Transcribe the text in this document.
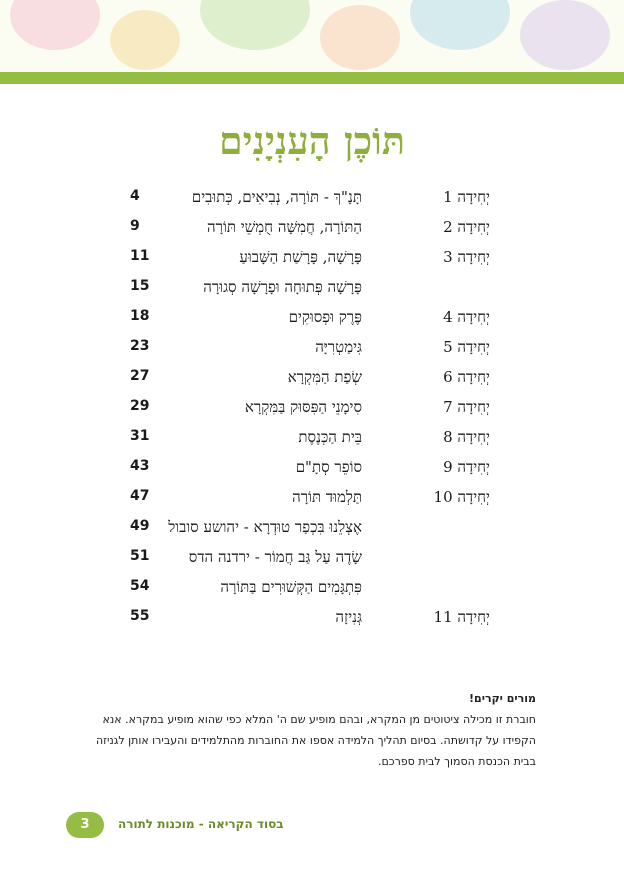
תּוֹכֶן הָעִנְיָנִים
יְחִידָה 1
תָּנָ"ךְ - תּוֹרָה, נְבִיאִים, כְּתוּבִים
4
יְחִידָה 2
הַתּוֹרָה, חֲמִשָּׁה חֻמְשֵׁי תּוֹרָה
9
יְחִידָה 3
פָּרָשָׁה, פָּרָשַׁת הַשָּׁבוּעַ
11
פָּרָשָׁה פְּתוּחָה וּפָרָשָׁה סְגוּרָה
15
יְחִידָה 4
פֶּרֶק וּפְסוּקִים
18
יְחִידָה 5
גִּימַטְרִיָּה
23
יְחִידָה 6
שְׂפַת הַמִּקְרָא
27
יְחִידָה 7
סִימָנֵי הַפִּסּוּק בַּמִּקְרָא
29
יְחִידָה 8
בֵּית הַכְּנֶסֶת
31
יְחִידָה 9
סוֹפֵר סְתָ"ם
43
יְחִידָה 10
תַּלְמוּד תּוֹרָה
47
אֶצְלֵנוּ בִּכְפַר טוּדְרָא - יהושע סובול
49
שָׂדֶה עַל גַּב חֲמוֹר - ירדנה הדס
51
פִּתְגָּמִים הַקְּשׁוּרִים בַּתּוֹרָה
54
יְחִידָה 11
גְּנִיזָה
55
מורים יקרים!
חוברת זו מכילה ציטוטים מן המקרא, ובהם מופיע שם ה' המלא כפי שהוא מופיע במקרא. אנא הקפידו על קדושתה. בסיום תהליך הלמידה אספו את החוברות מהתלמידים והעבירו אותן לגניזה בבית הכנסת הסמוך לבית ספרכם.
3	בסוד הקריאה - מוכנות לתורה
